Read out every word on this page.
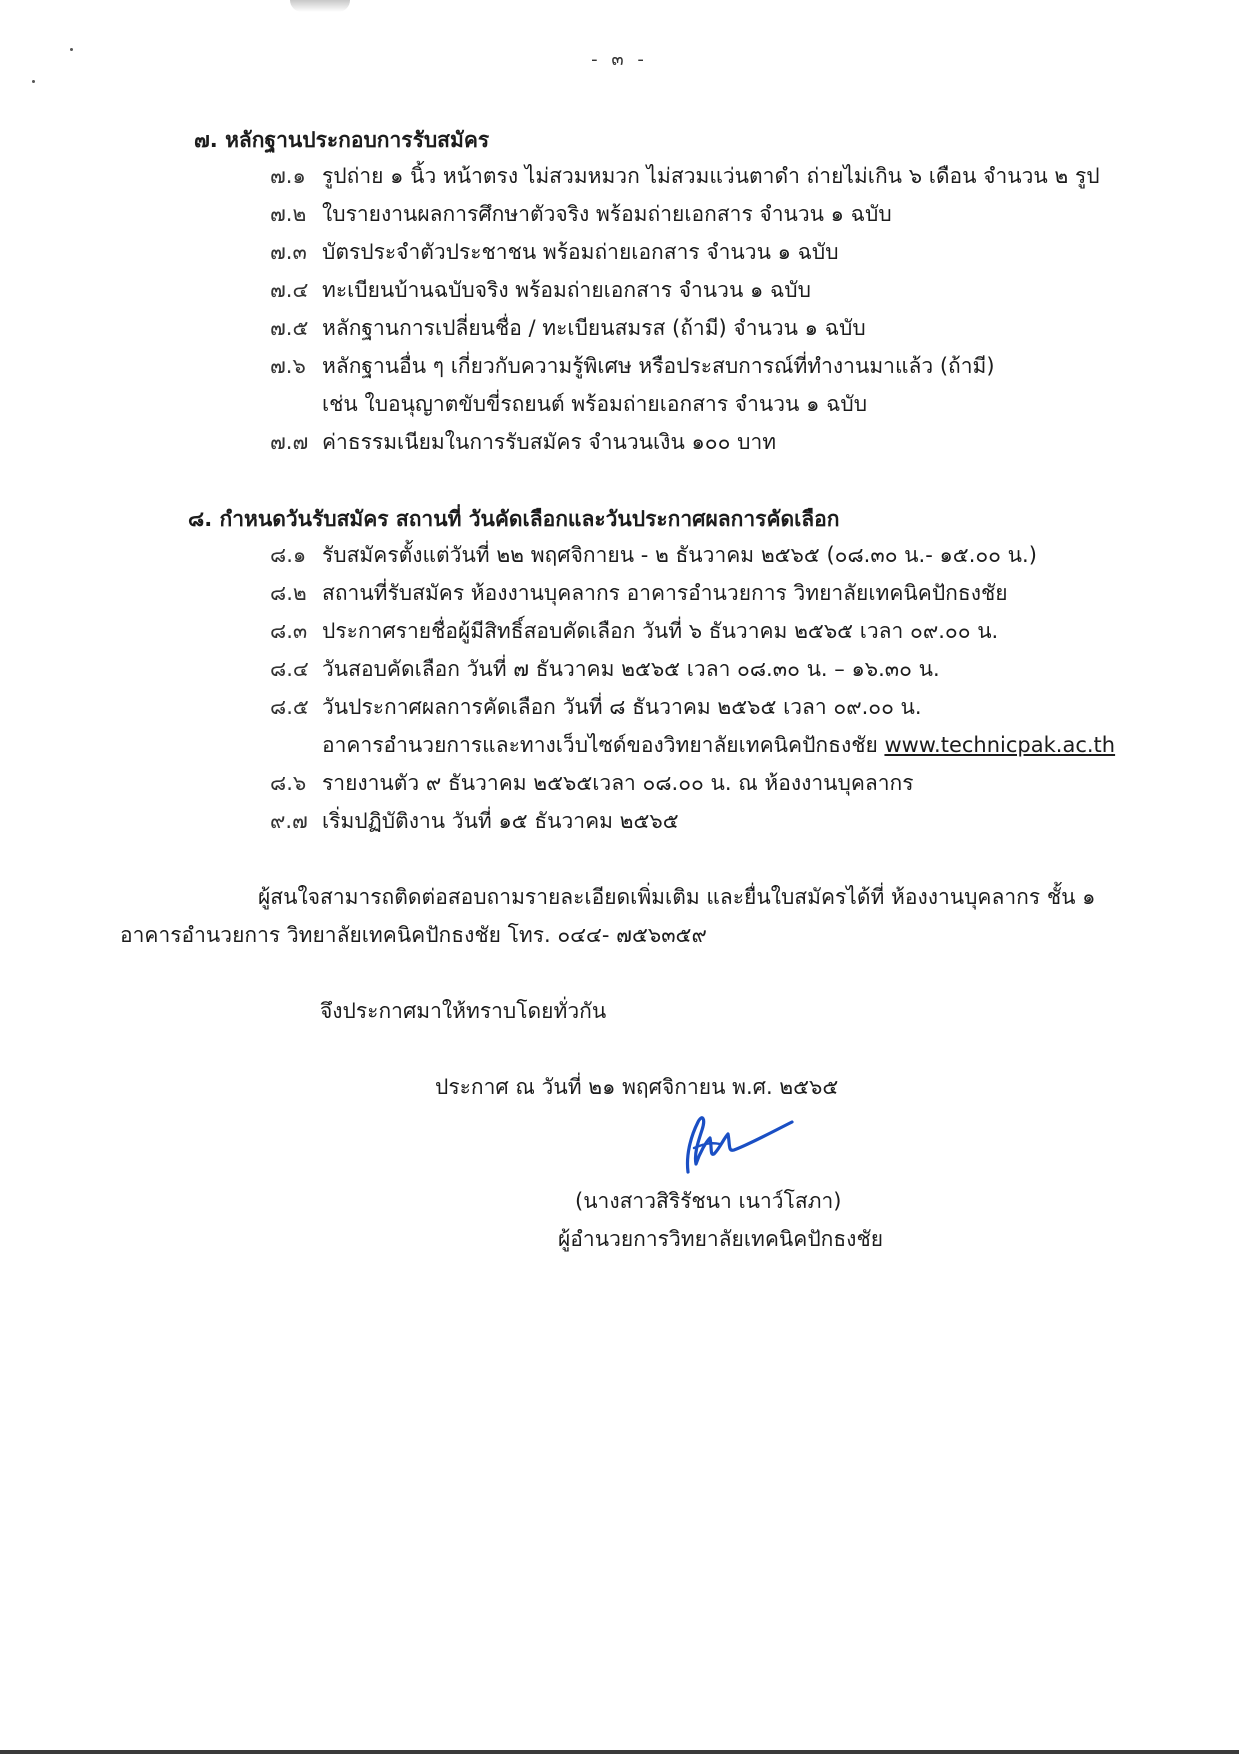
- ๓ -
๗. หลักฐานประกอบการรับสมัคร
๗.๑ รูปถ่าย ๑ นิ้ว หน้าตรง ไม่สวมหมวก ไม่สวมแว่นตาดำ ถ่ายไม่เกิน ๖ เดือน จำนวน ๒ รูป
๗.๒ ใบรายงานผลการศึกษาตัวจริง พร้อมถ่ายเอกสาร จำนวน ๑ ฉบับ
๗.๓ บัตรประจำตัวประชาชน พร้อมถ่ายเอกสาร จำนวน ๑ ฉบับ
๗.๔ ทะเบียนบ้านฉบับจริง พร้อมถ่ายเอกสาร จำนวน ๑ ฉบับ
๗.๕ หลักฐานการเปลี่ยนชื่อ / ทะเบียนสมรส (ถ้ามี) จำนวน ๑ ฉบับ
๗.๖ หลักฐานอื่น ๆ เกี่ยวกับความรู้พิเศษ หรือประสบการณ์ที่ทำงานมาแล้ว (ถ้ามี)
เช่น ใบอนุญาตขับขี่รถยนต์ พร้อมถ่ายเอกสาร จำนวน ๑ ฉบับ
๗.๗ ค่าธรรมเนียมในการรับสมัคร จำนวนเงิน ๑๐๐ บาท
๘. กำหนดวันรับสมัคร สถานที่ วันคัดเลือกและวันประกาศผลการคัดเลือก
๘.๑ รับสมัครตั้งแต่วันที่ ๒๒ พฤศจิกายน - ๒ ธันวาคม ๒๕๖๕ (๐๘.๓๐ น.- ๑๕.๐๐ น.)
๘.๒ สถานที่รับสมัคร ห้องงานบุคลากร อาคารอำนวยการ วิทยาลัยเทคนิคปักธงชัย
๘.๓ ประกาศรายชื่อผู้มีสิทธิ์สอบคัดเลือก วันที่ ๖ ธันวาคม ๒๕๖๕ เวลา ๐๙.๐๐ น.
๘.๔ วันสอบคัดเลือก วันที่ ๗ ธันวาคม ๒๕๖๕ เวลา ๐๘.๓๐ น. – ๑๖.๓๐ น.
๘.๕ วันประกาศผลการคัดเลือก วันที่ ๘ ธันวาคม ๒๕๖๕ เวลา ๐๙.๐๐ น.
อาคารอำนวยการและทางเว็บไซด์ของวิทยาลัยเทคนิคปักธงชัย www.technicpak.ac.th
๘.๖ รายงานตัว ๙ ธันวาคม ๒๕๖๕เวลา ๐๘.๐๐ น. ณ ห้องงานบุคลากร
๙.๗ เริ่มปฏิบัติงาน วันที่ ๑๕ ธันวาคม ๒๕๖๕
ผู้สนใจสามารถติดต่อสอบถามรายละเอียดเพิ่มเติม และยื่นใบสมัครได้ที่ ห้องงานบุคลากร ชั้น ๑
อาคารอำนวยการ วิทยาลัยเทคนิคปักธงชัย โทร. ๐๔๔- ๗๕๖๓๕๙
จึงประกาศมาให้ทราบโดยทั่วกัน
ประกาศ ณ วันที่ ๒๑ พฤศจิกายน พ.ศ. ๒๕๖๕
(นางสาวสิริรัชนา เนาว์โสภา)
ผู้อำนวยการวิทยาลัยเทคนิคปักธงชัย
